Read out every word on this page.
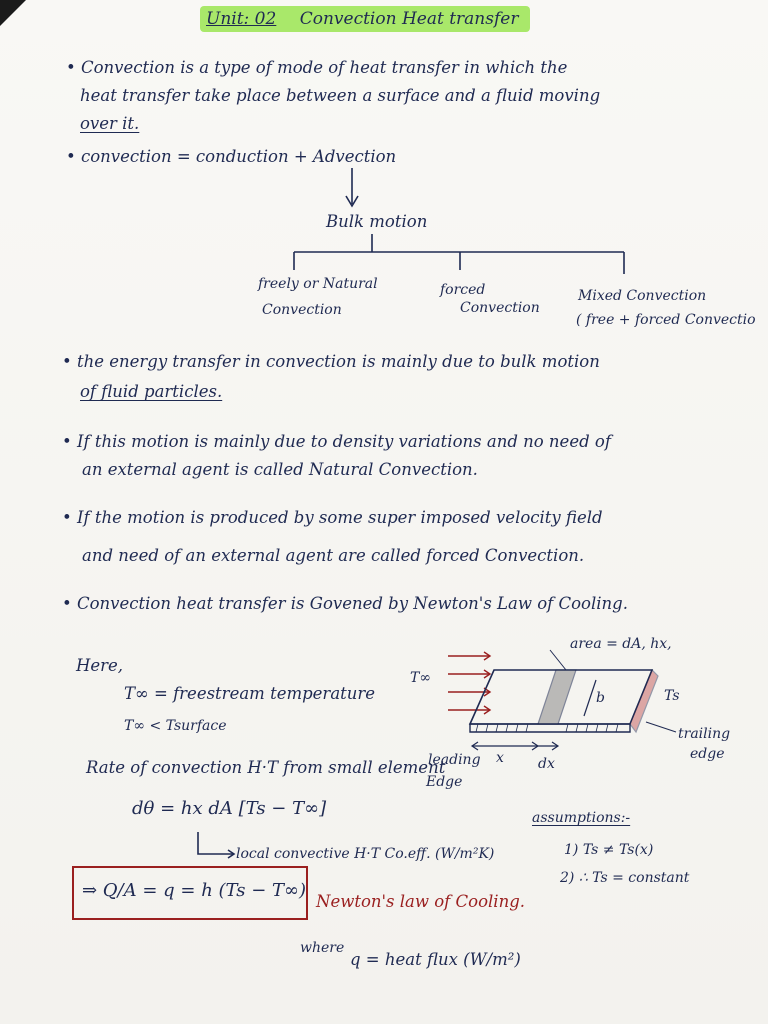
Unit: 02 Convection Heat transfer
• Convection is a type of mode of heat transfer in which the
heat transfer take place between a surface and a fluid moving
over it.
• convection = conduction + Advection
Bulk motion
freely or Natural
Convection
forced
Convection
Mixed Convection
( free + forced Convectio
• the energy transfer in convection is mainly due to bulk motion
of fluid particles.
• If this motion is mainly due to density variations and no need of
an external agent is called Natural Convection.
• If the motion is produced by some super imposed velocity field
and need of an external agent are called forced Convection.
• Convection heat transfer is Govened by Newton's Law of Cooling.
Here,
T∞ = freestream temperature
T∞ < Tsurface
T∞
area = dA, hx,
b	Ts
trailing
edge
x dx
Rate of convection H·T from small element
leading
Edge
dθ = hx dA [Ts − T∞]
local convective H·T Co.eff. (W/m²K)
assumptions:-
1) Ts ≠ Ts(x)
2) ∴ Ts = constant
⇒ Q/A = q = h (Ts − T∞)
Newton's law of Cooling.
where
q = heat flux (W/m²)
